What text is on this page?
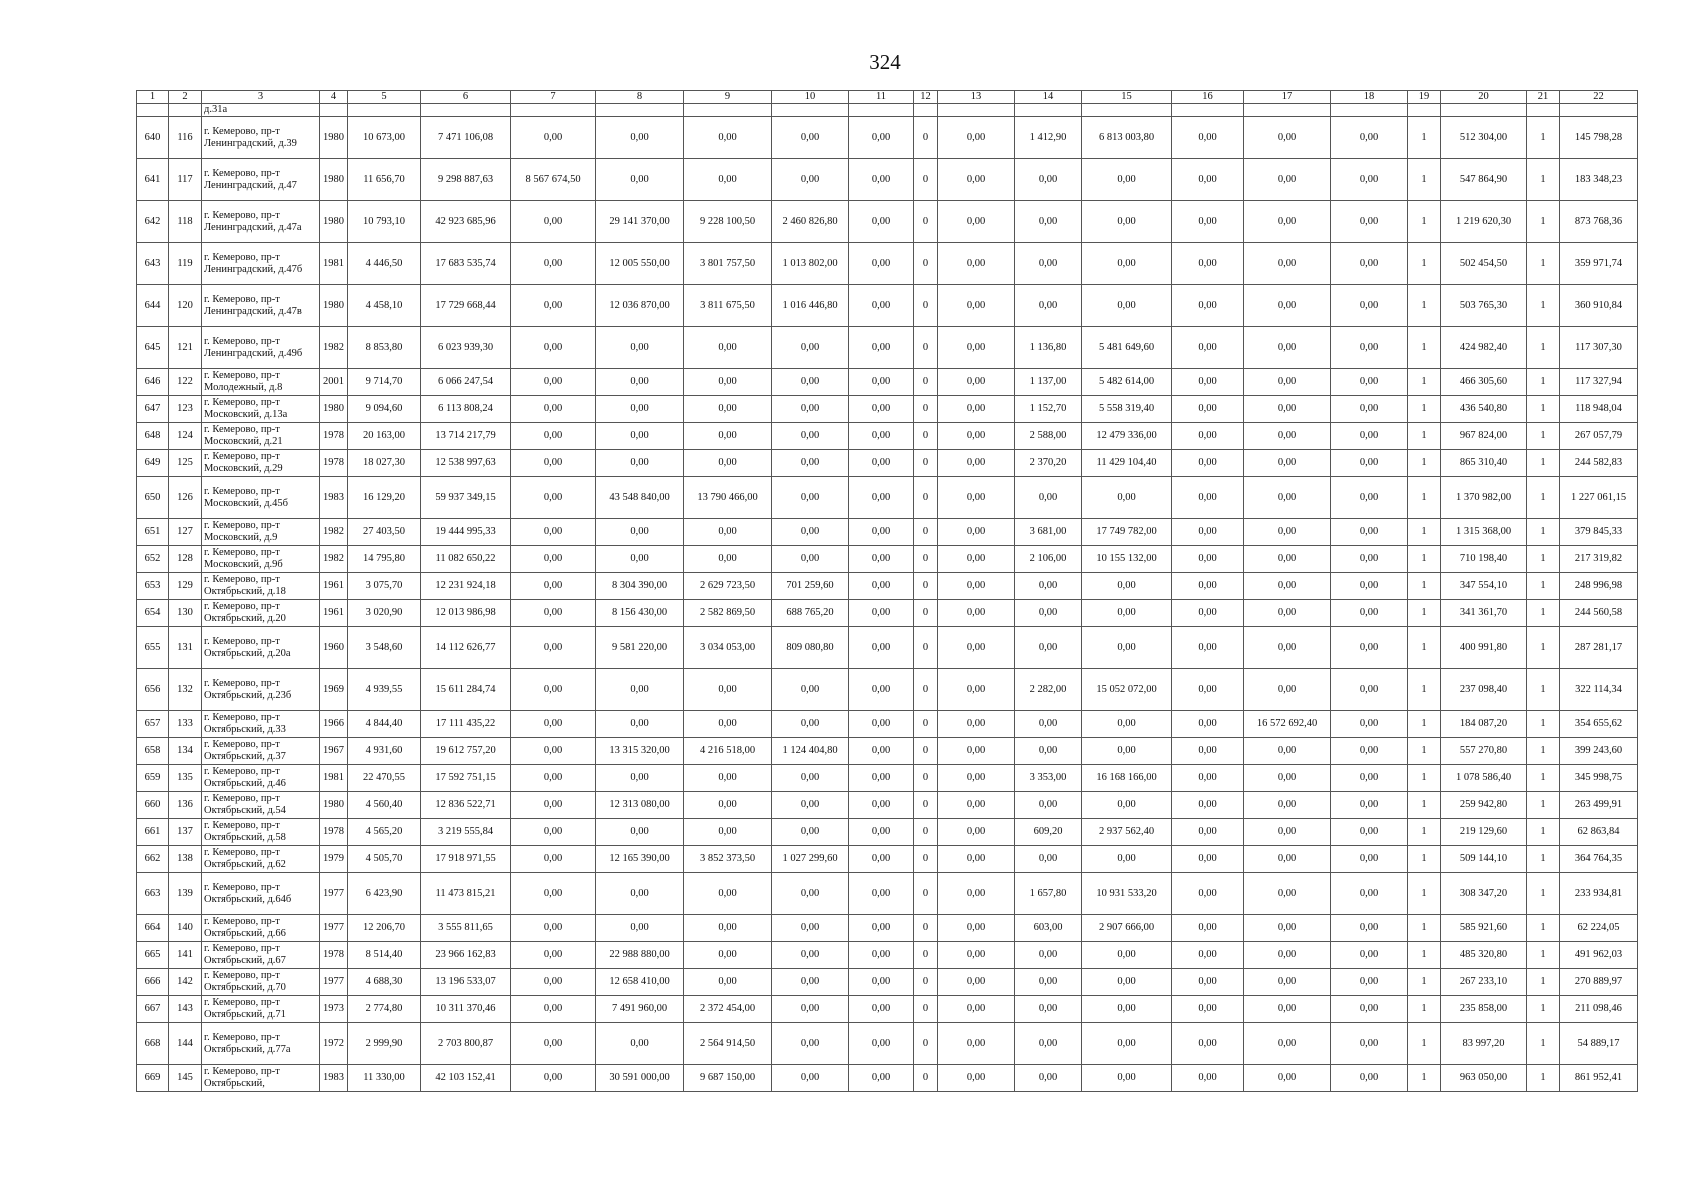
324
1	2	3	4	5	6	7	8	9	10	11	12	13	14	15	16	17	18	19	20	21	22
		д.31а																			
640	116	г. Кемерово, пр-т Ленинградский, д.39	1980	10 673,00	7 471 106,08	0,00	0,00	0,00	0,00	0,00	0	0,00	1 412,90	6 813 003,80	0,00	0,00	0,00	1	512 304,00	1	145 798,28
641	117	г. Кемерово, пр-т Ленинградский, д.47	1980	11 656,70	9 298 887,63	8 567 674,50	0,00	0,00	0,00	0,00	0	0,00	0,00	0,00	0,00	0,00	0,00	1	547 864,90	1	183 348,23
642	118	г. Кемерово, пр-т Ленинградский, д.47а	1980	10 793,10	42 923 685,96	0,00	29 141 370,00	9 228 100,50	2 460 826,80	0,00	0	0,00	0,00	0,00	0,00	0,00	0,00	1	1 219 620,30	1	873 768,36
643	119	г. Кемерово, пр-т Ленинградский, д.47б	1981	4 446,50	17 683 535,74	0,00	12 005 550,00	3 801 757,50	1 013 802,00	0,00	0	0,00	0,00	0,00	0,00	0,00	0,00	1	502 454,50	1	359 971,74
644	120	г. Кемерово, пр-т Ленинградский, д.47в	1980	4 458,10	17 729 668,44	0,00	12 036 870,00	3 811 675,50	1 016 446,80	0,00	0	0,00	0,00	0,00	0,00	0,00	0,00	1	503 765,30	1	360 910,84
645	121	г. Кемерово, пр-т Ленинградский, д.49б	1982	8 853,80	6 023 939,30	0,00	0,00	0,00	0,00	0,00	0	0,00	1 136,80	5 481 649,60	0,00	0,00	0,00	1	424 982,40	1	117 307,30
646	122	г. Кемерово, пр-т Молодежный, д.8	2001	9 714,70	6 066 247,54	0,00	0,00	0,00	0,00	0,00	0	0,00	1 137,00	5 482 614,00	0,00	0,00	0,00	1	466 305,60	1	117 327,94
647	123	г. Кемерово, пр-т Московский, д.13а	1980	9 094,60	6 113 808,24	0,00	0,00	0,00	0,00	0,00	0	0,00	1 152,70	5 558 319,40	0,00	0,00	0,00	1	436 540,80	1	118 948,04
648	124	г. Кемерово, пр-т Московский, д.21	1978	20 163,00	13 714 217,79	0,00	0,00	0,00	0,00	0,00	0	0,00	2 588,00	12 479 336,00	0,00	0,00	0,00	1	967 824,00	1	267 057,79
649	125	г. Кемерово, пр-т Московский, д.29	1978	18 027,30	12 538 997,63	0,00	0,00	0,00	0,00	0,00	0	0,00	2 370,20	11 429 104,40	0,00	0,00	0,00	1	865 310,40	1	244 582,83
650	126	г. Кемерово, пр-т Московский, д.45б	1983	16 129,20	59 937 349,15	0,00	43 548 840,00	13 790 466,00	0,00	0,00	0	0,00	0,00	0,00	0,00	0,00	0,00	1	1 370 982,00	1	1 227 061,15
651	127	г. Кемерово, пр-т Московский, д.9	1982	27 403,50	19 444 995,33	0,00	0,00	0,00	0,00	0,00	0	0,00	3 681,00	17 749 782,00	0,00	0,00	0,00	1	1 315 368,00	1	379 845,33
652	128	г. Кемерово, пр-т Московский, д.9б	1982	14 795,80	11 082 650,22	0,00	0,00	0,00	0,00	0,00	0	0,00	2 106,00	10 155 132,00	0,00	0,00	0,00	1	710 198,40	1	217 319,82
653	129	г. Кемерово, пр-т Октябрьский, д.18	1961	3 075,70	12 231 924,18	0,00	8 304 390,00	2 629 723,50	701 259,60	0,00	0	0,00	0,00	0,00	0,00	0,00	0,00	1	347 554,10	1	248 996,98
654	130	г. Кемерово, пр-т Октябрьский, д.20	1961	3 020,90	12 013 986,98	0,00	8 156 430,00	2 582 869,50	688 765,20	0,00	0	0,00	0,00	0,00	0,00	0,00	0,00	1	341 361,70	1	244 560,58
655	131	г. Кемерово, пр-т Октябрьский, д.20а	1960	3 548,60	14 112 626,77	0,00	9 581 220,00	3 034 053,00	809 080,80	0,00	0	0,00	0,00	0,00	0,00	0,00	0,00	1	400 991,80	1	287 281,17
656	132	г. Кемерово, пр-т Октябрьский, д.23б	1969	4 939,55	15 611 284,74	0,00	0,00	0,00	0,00	0,00	0	0,00	2 282,00	15 052 072,00	0,00	0,00	0,00	1	237 098,40	1	322 114,34
657	133	г. Кемерово, пр-т Октябрьский, д.33	1966	4 844,40	17 111 435,22	0,00	0,00	0,00	0,00	0,00	0	0,00	0,00	0,00	0,00	16 572 692,40	0,00	1	184 087,20	1	354 655,62
658	134	г. Кемерово, пр-т Октябрьский, д.37	1967	4 931,60	19 612 757,20	0,00	13 315 320,00	4 216 518,00	1 124 404,80	0,00	0	0,00	0,00	0,00	0,00	0,00	0,00	1	557 270,80	1	399 243,60
659	135	г. Кемерово, пр-т Октябрьский, д.46	1981	22 470,55	17 592 751,15	0,00	0,00	0,00	0,00	0,00	0	0,00	3 353,00	16 168 166,00	0,00	0,00	0,00	1	1 078 586,40	1	345 998,75
660	136	г. Кемерово, пр-т Октябрьский, д.54	1980	4 560,40	12 836 522,71	0,00	12 313 080,00	0,00	0,00	0,00	0	0,00	0,00	0,00	0,00	0,00	0,00	1	259 942,80	1	263 499,91
661	137	г. Кемерово, пр-т Октябрьский, д.58	1978	4 565,20	3 219 555,84	0,00	0,00	0,00	0,00	0,00	0	0,00	609,20	2 937 562,40	0,00	0,00	0,00	1	219 129,60	1	62 863,84
662	138	г. Кемерово, пр-т Октябрьский, д.62	1979	4 505,70	17 918 971,55	0,00	12 165 390,00	3 852 373,50	1 027 299,60	0,00	0	0,00	0,00	0,00	0,00	0,00	0,00	1	509 144,10	1	364 764,35
663	139	г. Кемерово, пр-т Октябрьский, д.64б	1977	6 423,90	11 473 815,21	0,00	0,00	0,00	0,00	0,00	0	0,00	1 657,80	10 931 533,20	0,00	0,00	0,00	1	308 347,20	1	233 934,81
664	140	г. Кемерово, пр-т Октябрьский, д.66	1977	12 206,70	3 555 811,65	0,00	0,00	0,00	0,00	0,00	0	0,00	603,00	2 907 666,00	0,00	0,00	0,00	1	585 921,60	1	62 224,05
665	141	г. Кемерово, пр-т Октябрьский, д.67	1978	8 514,40	23 966 162,83	0,00	22 988 880,00	0,00	0,00	0,00	0	0,00	0,00	0,00	0,00	0,00	0,00	1	485 320,80	1	491 962,03
666	142	г. Кемерово, пр-т Октябрьский, д.70	1977	4 688,30	13 196 533,07	0,00	12 658 410,00	0,00	0,00	0,00	0	0,00	0,00	0,00	0,00	0,00	0,00	1	267 233,10	1	270 889,97
667	143	г. Кемерово, пр-т Октябрьский, д.71	1973	2 774,80	10 311 370,46	0,00	7 491 960,00	2 372 454,00	0,00	0,00	0	0,00	0,00	0,00	0,00	0,00	0,00	1	235 858,00	1	211 098,46
668	144	г. Кемерово, пр-т Октябрьский, д.77а	1972	2 999,90	2 703 800,87	0,00	0,00	2 564 914,50	0,00	0,00	0	0,00	0,00	0,00	0,00	0,00	0,00	1	83 997,20	1	54 889,17
669	145	г. Кемерово, пр-т Октябрьский,	1983	11 330,00	42 103 152,41	0,00	30 591 000,00	9 687 150,00	0,00	0,00	0	0,00	0,00	0,00	0,00	0,00	0,00	1	963 050,00	1	861 952,41
